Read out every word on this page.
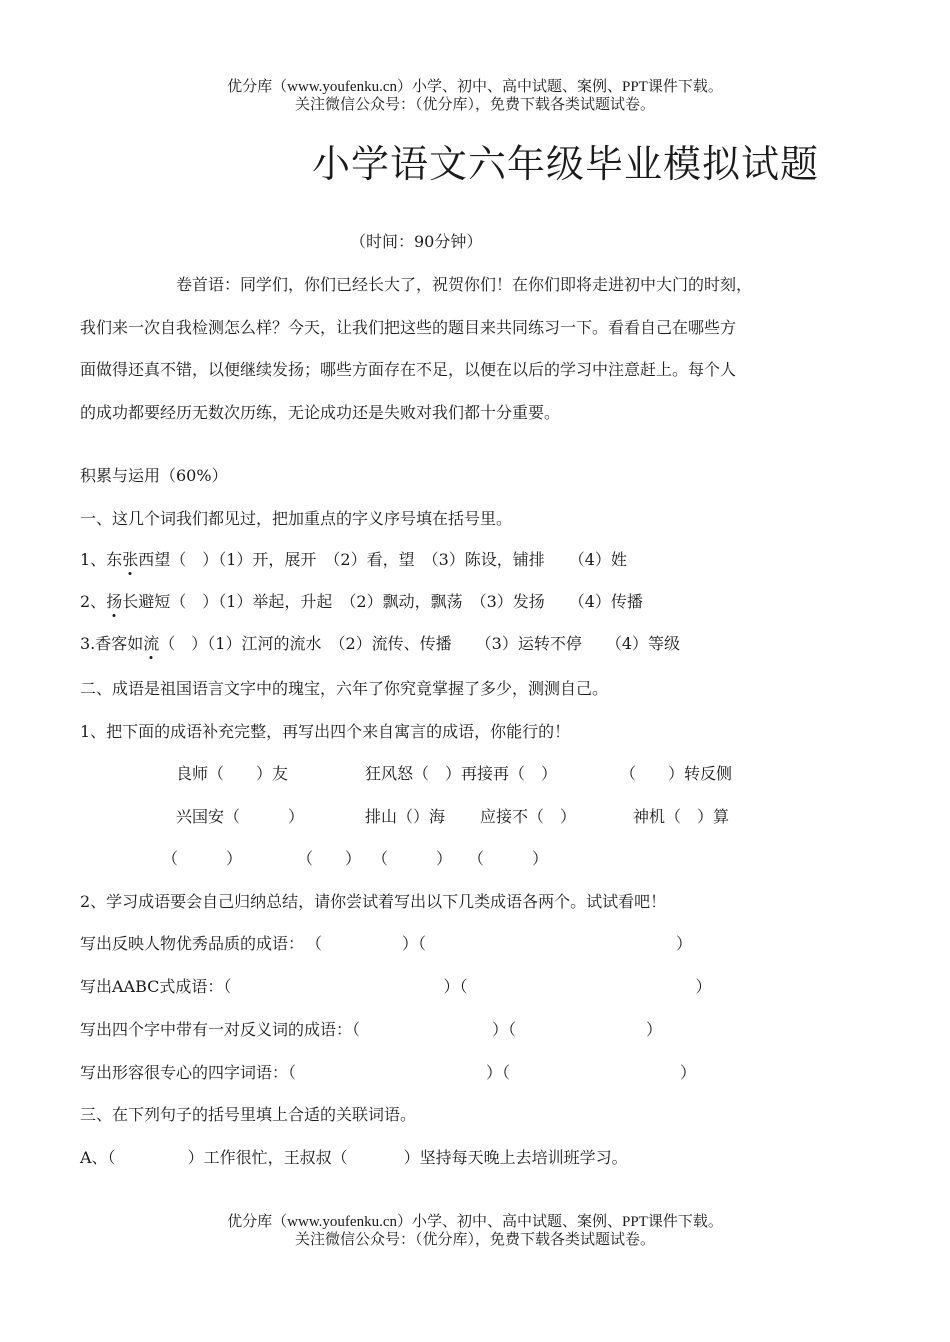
优分库（www.youfenku.cn）小学、初中、高中试题、案例、PPT课件下载。
关注微信公众号：（优分库），免费下载各类试题试卷。
小学语文六年级毕业模拟试题
（时间：90分钟）
卷首语：同学们，你们已经长大了，祝贺你们！在你们即将走进初中大门的时刻，
我们来一次自我检测怎么样？今天，让我们把这些的题目来共同练习一下。看看自己在哪些方
面做得还真不错，以便继续发扬；哪些方面存在不足，以便在以后的学习中注意赶上。每个人
的成功都要经历无数次历练，无论成功还是失败对我们都十分重要。
积累与运用（60%）
一、这几个词我们都见过，把加重点的字义序号填在括号里。
1、东张西望（　）（1）开，展开　（2）看，望　（3）陈设，铺排　　（4）姓
2、扬长避短（　）（1）举起，升起　（2）飘动，飘荡　（3）发扬　　（4）传播
3.香客如流（　）（1）江河的流水　（2）流传、传播　　（3）运转不停　　（4）等级
二、成语是祖国语言文字中的瑰宝，六年了你究竟掌握了多少，测测自己。
1、把下面的成语补充完整，再写出四个来自寓言的成语，你能行的！
良师（　　）友	狂风怒（　）再接再（　）	（　　）转反侧
兴国安（　　　）	排山（）海 应接不（　）	神机（　）算
（　　　）	（　　） （　　　） （　　　）
2、学习成语要会自己归纳总结，请你尝试着写出以下几类成语各两个。试试看吧！
写出反映人物优秀品质的成语： （	）（	）
写出AABC式成语：（	）（	）
写出四个字中带有一对反义词的成语：（	）（	）
写出形容很专心的四字词语：（	）（	）
三、在下列句子的括号里填上合适的关联词语。
A、（	）工作很忙，王叔叔（	）坚持每天晚上去培训班学习。
优分库（www.youfenku.cn）小学、初中、高中试题、案例、PPT课件下载。
关注微信公众号：（优分库），免费下载各类试题试卷。
